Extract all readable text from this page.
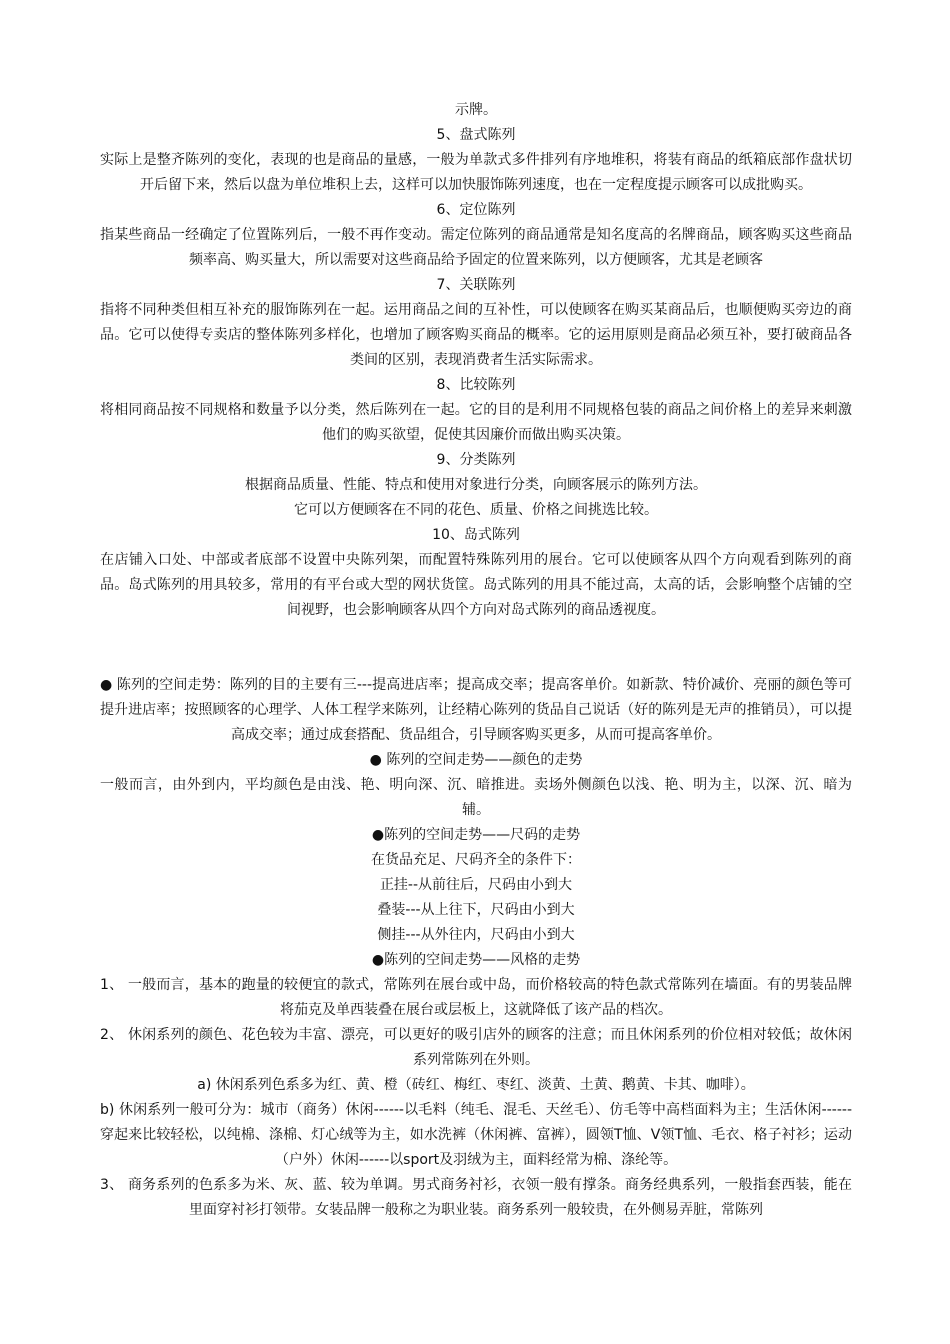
示牌。

5、盘式陈列

实际上是整齐陈列的变化，表现的也是商品的量感，一般为单款式多件排列有序地堆积，将装有商品的纸箱底部作盘状切开后留下来，然后以盘为单位堆积上去，这样可以加快服饰陈列速度，也在一定程度提示顾客可以成批购买。

6、定位陈列

指某些商品一经确定了位置陈列后，一般不再作变动。需定位陈列的商品通常是知名度高的名牌商品，顾客购买这些商品频率高、购买量大，所以需要对这些商品给予固定的位置来陈列，以方便顾客，尤其是老顾客

7、关联陈列

指将不同种类但相互补充的服饰陈列在一起。运用商品之间的互补性，可以使顾客在购买某商品后，也顺便购买旁边的商品。它可以使得专卖店的整体陈列多样化，也增加了顾客购买商品的概率。它的运用原则是商品必须互补，要打破商品各类间的区别，表现消费者生活实际需求。

8、比较陈列

将相同商品按不同规格和数量予以分类，然后陈列在一起。它的目的是利用不同规格包装的商品之间价格上的差异来刺激他们的购买欲望，促使其因廉价而做出购买决策。

9、分类陈列

根据商品质量、性能、特点和使用对象进行分类，向顾客展示的陈列方法。

它可以方便顾客在不同的花色、质量、价格之间挑选比较。

10、岛式陈列

在店铺入口处、中部或者底部不设置中央陈列架，而配置特殊陈列用的展台。它可以使顾客从四个方向观看到陈列的商品。岛式陈列的用具较多，常用的有平台或大型的网状货筐。岛式陈列的用具不能过高，太高的话，会影响整个店铺的空间视野，也会影响顾客从四个方向对岛式陈列的商品透视度。

● 陈列的空间走势：陈列的目的主要有三---提高进店率；提高成交率；提高客单价。如新款、特价减价、亮丽的颜色等可提升进店率；按照顾客的心理学、人体工程学来陈列，让经精心陈列的货品自己说话（好的陈列是无声的推销员），可以提高成交率；通过成套搭配、货品组合，引导顾客购买更多，从而可提高客单价。

● 陈列的空间走势——颜色的走势

一般而言，由外到内，平均颜色是由浅、艳、明向深、沉、暗推进。卖场外侧颜色以浅、艳、明为主，以深、沉、暗为辅。

●陈列的空间走势——尺码的走势

在货品充足、尺码齐全的条件下：

正挂--从前往后，尺码由小到大

叠装---从上往下，尺码由小到大

侧挂---从外往内，尺码由小到大

●陈列的空间走势——风格的走势

1、 一般而言，基本的跑量的较便宜的款式，常陈列在展台或中岛，而价格较高的特色款式常陈列在墙面。有的男装品牌将茄克及单西装叠在展台或层板上，这就降低了该产品的档次。

2、 休闲系列的颜色、花色较为丰富、漂亮，可以更好的吸引店外的顾客的注意；而且休闲系列的价位相对较低；故休闲系列常陈列在外则。

a) 休闲系列色系多为红、黄、橙（砖红、梅红、枣红、淡黄、土黄、鹅黄、卡其、咖啡）。

b) 休闲系列一般可分为：城市（商务）休闲------以毛料（纯毛、混毛、天丝毛）、仿毛等中高档面料为主；生活休闲------穿起来比较轻松，以纯棉、涤棉、灯心绒等为主，如水洗裤（休闲裤、富裤），圆领T恤、V领T恤、毛衣、格子衬衫；运动（户外）休闲------以sport及羽绒为主，面料经常为棉、涤纶等。

3、 商务系列的色系多为米、灰、蓝、较为单调。男式商务衬衫，衣领一般有撑条。商务经典系列，一般指套西装，能在里面穿衬衫打领带。女装品牌一般称之为职业装。商务系列一般较贵，在外侧易弄脏，常陈列
